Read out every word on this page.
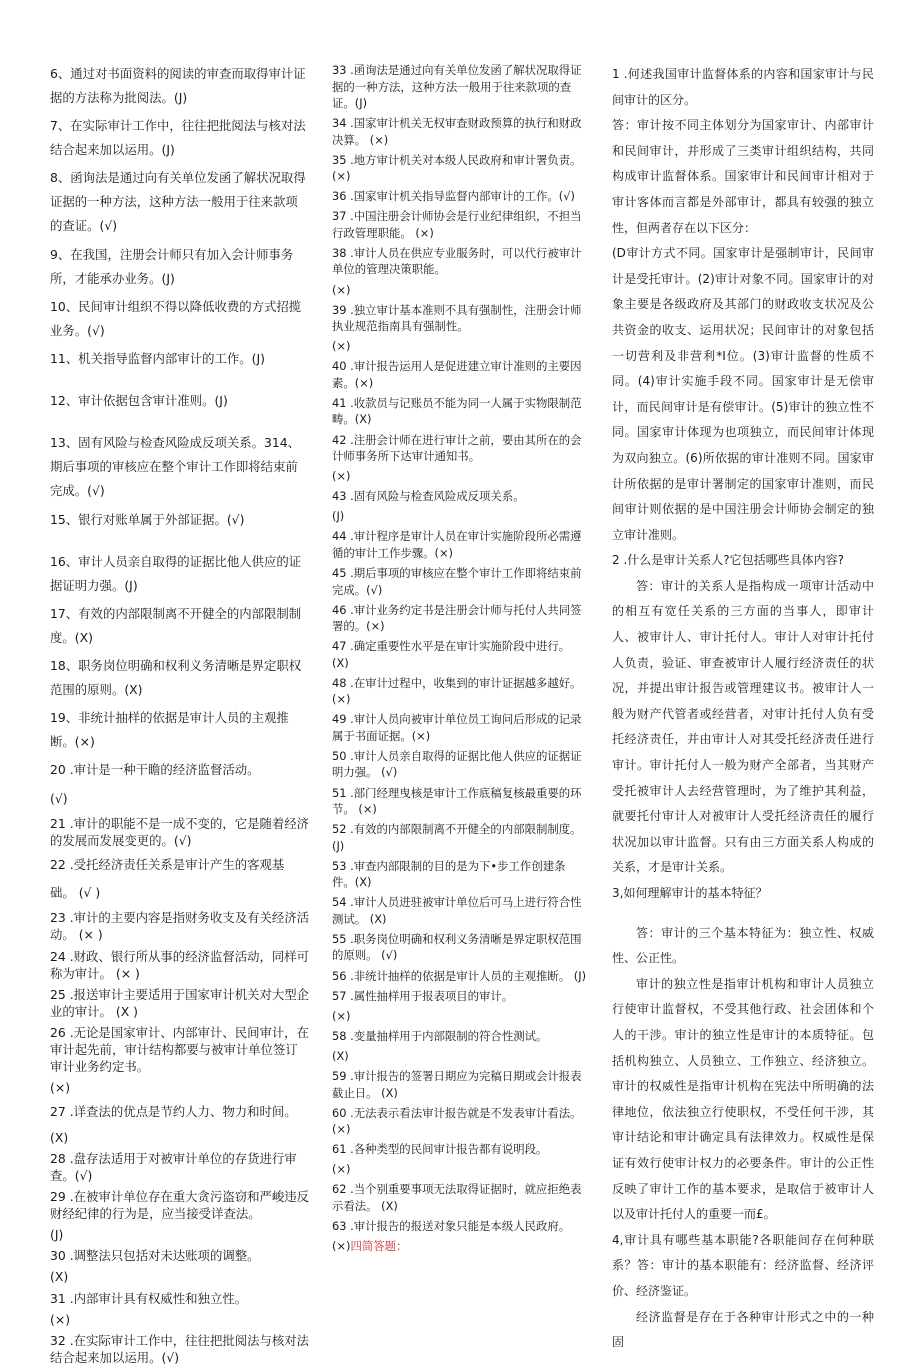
6、通过对书面资料的阅读的审查而取得审计证据的方法称为批阅法。(J)
7、在实际审计工作中，往往把批阅法与核对法结合起来加以运用。(J)
8、函询法是通过向有关单位发函了解状况取得证据的一种方法，这种方法一般用于往来款项的查证。(√)
9、在我国，注册会计师只有加入会计师事务所，才能承办业务。(J)
10、民间审计组织不得以降低收费的方式招揽业务。(√)
11、机关指导监督内部审计的工作。(J)
12、审计依据包含审计准则。(J)
13、固有风险与检查风险成反项关系。314、期后事项的审核应在整个审计工作即将结束前完成。(√)
15、银行对账单属于外部证据。(√)
16、审计人员亲自取得的证据比他人供应的证据证明力强。(J)
17、有效的内部限制离不开健全的内部限制制度。(X)
18、职务岗位明确和权利义务清晰是界定职权范围的原则。(X)
19、非统计抽样的依据是审计人员的主观推断。(×)
20 .审计是一种干瞻的经济监督活动。
(√)
21 .审计的职能不是一成不变的，它是随着经济的发展而发展变更的。(√)
22 .受托经济责任关系是审计产生的客观基
础。 (√ )
23 .审计的主要内容是指财务收支及有关经济活动。 (× )
24 .财政、银行所从事的经济监督活动，同样可称为审计。 (× )
25 .报送审计主要适用于国家审计机关对大型企业的审计。 (X )
26 .无论是国家审计、内部审计、民间审计，在审计起先前，审计结构都要与被审计单位签订审计业务约定书。
(×)
27 .详查法的优点是节约人力、物力和时间。
(X)
28 .盘存法适用于对被审计单位的存货进行审查。(√)
29 .在被审计单位存在重大贪污盗窃和严峻违反财经纪律的行为是，应当接受详查法。
(J)
30 .调整法只包括对未达账项的调整。
(X)
31 .内部审计具有权威性和独立性。
(×)
32 .在实际审计工作中，往往把批阅法与核对法结合起来加以运用。(√)
33 .函询法是通过向有关单位发函了解状况取得证据的一种方法，这种方法一般用于往来款项的查证。(J)
34 .国家审计机关无权审查财政预算的执行和财政决算。 (×)
35 .地方审计机关对本级人民政府和审计署负责。(×)
36 .国家审计机关指导监督内部审计的工作。(√)
37 .中国注册会计师协会是行业纪律组织，不担当行政管理职能。 (×)
38 .审计人员在供应专业服务时，可以代行被审计单位的管理决策职能。
(×)
39 .独立审计基本准则不具有强制性，注册会计师执业规范指南具有强制性。
(×)
40 .审计报告运用人是促进建立审计准则的主要因素。(×)
41 .收款员与记账员不能为同一人属于实物限制范畴。(X)
42 .注册会计师在进行审计之前，要由其所在的会计师事务所下达审计通知书。
(×)
43 .固有风险与检查风险成反项关系。
(J)
44 .审计程序是审计人员在审计实施阶段所必需遵循的审计工作步骤。(×)
45 .期后事项的审核应在整个审计工作即将结束前完成。(√)
46 .审计业务约定书是注册会计师与托付人共同签署的。(×)
47 .确定重要性水平是在审计实施阶段中进行。 (X)
48 .在审计过程中，收集到的审计证据越多越好。(×)
49 .审计人员向被审计单位员工询问后形成的记录属于书面证据。(×)
50 .审计人员亲自取得的证据比他人供应的证据证明力强。 (√)
51 .部门经理曳核是审计工作底稿复核最重要的环节。 (×)
52 .有效的内部限制离不开健全的内部限制制度。(J)
53 .审查内部限制的目的是为下•步工作创建条件。(X)
54 .审计人员进驻被审计单位后可马上进行符合性测试。 (X)
55 .职务岗位明确和权利义务清晰是界定职权范围的原则。 (√)
56 .非统计抽样的依据是审计人员的主观推断。 (J)
57 .属性抽样用于报表项目的审计。
(×)
58 .变量抽样用于内部限制的符合性测试。
(X)
59 .审计报告的签署日期应为完稿日期或会计报表截止日。 (X)
60 .无法表示看法审计报告就是不发表审计看法。(×)
61 .各种类型的民间审计报告都有说明段。
(×)
62 .当个别重要事项无法取得证据时，就应拒绝表示看法。 (X)
63 .审计报告的报送对象只能是本级人民政府。
(×)四简答题：
1 .何述我国审计监督体系的内容和国家审计与民间审计的区分。
答：审计按不同主体划分为国家审计、内部审计和民间审计，并形成了三类审计组织结构，共同构成审计监督体系。国家审计和民间审计相对于审计客体而言都是外部审计，都具有较强的独立性，但两者存在以下区分：
(D审计方式不同。国家审计是强制审计，民间审计是受托审计。(2)审计对象不同。国家审计的对象主要是各级政府及其部门的财政收支状况及公共资金的收支、运用状况；民间审计的对象包括一切营利及非营利*I位。(3)审计监督的性质不同。(4)审计实施手段不同。国家审计是无偿审计，而民间审计是有偿审计。(5)审计的独立性不同。国家审计体现为也项独立，而民间审计体现为双向独立。(6)所依据的审计准则不同。国家审计所依据的是审计署制定的国家审计准则，而民间审计则依据的是中国注册会计师协会制定的独立审计准则。
2 .什么是审计关系人?它包括哪些具体内容?
答：审计的关系人是指构成一项审计活动中的相互有宽任关系的三方面的当事人，即审计人、被审计人、审计托付人。审计人对审计托付人负责，验证、审查被审计人履行经济责任的状况，并提出审计报告或管理建议书。被审计人一般为财产代管者或经营者，对审计托付人负有受托经济责任，并由审计人对其受托经济责任进行审计。审计托付人一般为财产全部者，当其财产受托被审计人去经营管理时，为了维护其利益，就要托付审计人对被审计人受托经济责任的履行状况加以审计监督。只有由三方面关系人构成的关系，才是审计关系。
3,如何理解审计的基本特征？
答：审计的三个基本特征为：独立性、权威性、公正性。
审计的独立性是指审计机构和审计人员独立行使审计监督权，不受其他行政、社会团体和个人的干涉。审计的独立性是审计的本质特征。包括机构独立、人员独立、工作独立、经济独立。审计的权威性是指审计机构在宪法中所明确的法律地位，依法独立行使职权，不受任何干涉，其审计结论和审计确定具有法律效力。权威性是保证有效行使审计权力的必要条件。审计的公正性反映了审计工作的基本要求，是取信于被审计人以及审计托付人的重要一而£。
4,审计具有哪些基本职能?各职能间存在何种联系？答：审计的基本职能有：经济监督、经济评价、经济鉴证。
经济监督是存在于各种审计形式之中的一种固
